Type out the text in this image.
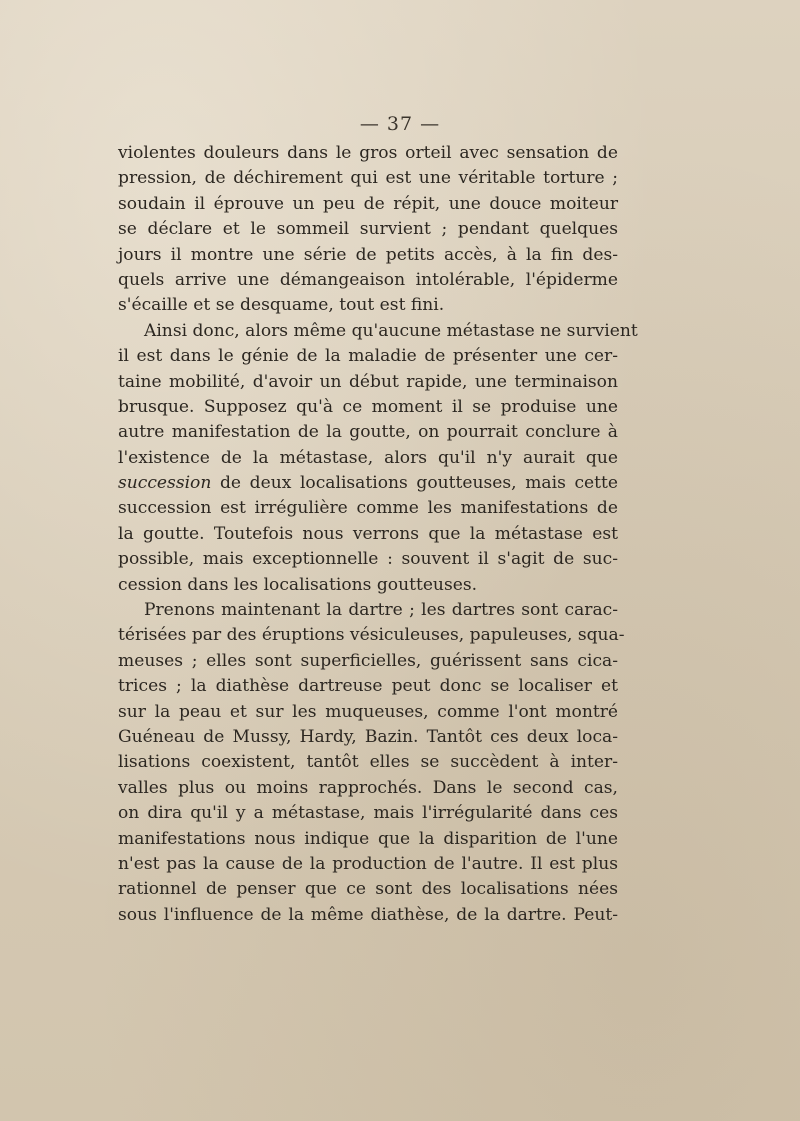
— 37 —
violentes douleurs dans le gros orteil avec sensation de
pression, de déchirement qui est une véritable torture ;
soudain il éprouve un peu de répit, une douce moiteur
se déclare et le sommeil survient ; pendant quelques
jours il montre une série de petits accès, à la fin des-
quels arrive une démangeaison intolérable, l'épiderme
s'écaille et se desquame, tout est fini.
Ainsi donc, alors même qu'aucune métastase ne survient
il est dans le génie de la maladie de présenter une cer-
taine mobilité, d'avoir un début rapide, une terminaison
brusque. Supposez qu'à ce moment il se produise une
autre manifestation de la goutte, on pourrait conclure à
l'existence de la métastase, alors qu'il n'y aurait que
succession de deux localisations goutteuses, mais cette
succession est irrégulière comme les manifestations de
la goutte. Toutefois nous verrons que la métastase est
possible, mais exceptionnelle : souvent il s'agit de suc-
cession dans les localisations goutteuses.
Prenons maintenant la dartre ; les dartres sont carac-
térisées par des éruptions vésiculeuses, papuleuses, squa-
meuses ; elles sont superficielles, guérissent sans cica-
trices ; la diathèse dartreuse peut donc se localiser et
sur la peau et sur les muqueuses, comme l'ont montré
Guéneau de Mussy, Hardy, Bazin. Tantôt ces deux loca-
lisations coexistent, tantôt elles se succèdent à inter-
valles plus ou moins rapprochés. Dans le second cas,
on dira qu'il y a métastase, mais l'irrégularité dans ces
manifestations nous indique que la disparition de l'une
n'est pas la cause de la production de l'autre. Il est plus
rationnel de penser que ce sont des localisations nées
sous l'influence de la même diathèse, de la dartre. Peut-
